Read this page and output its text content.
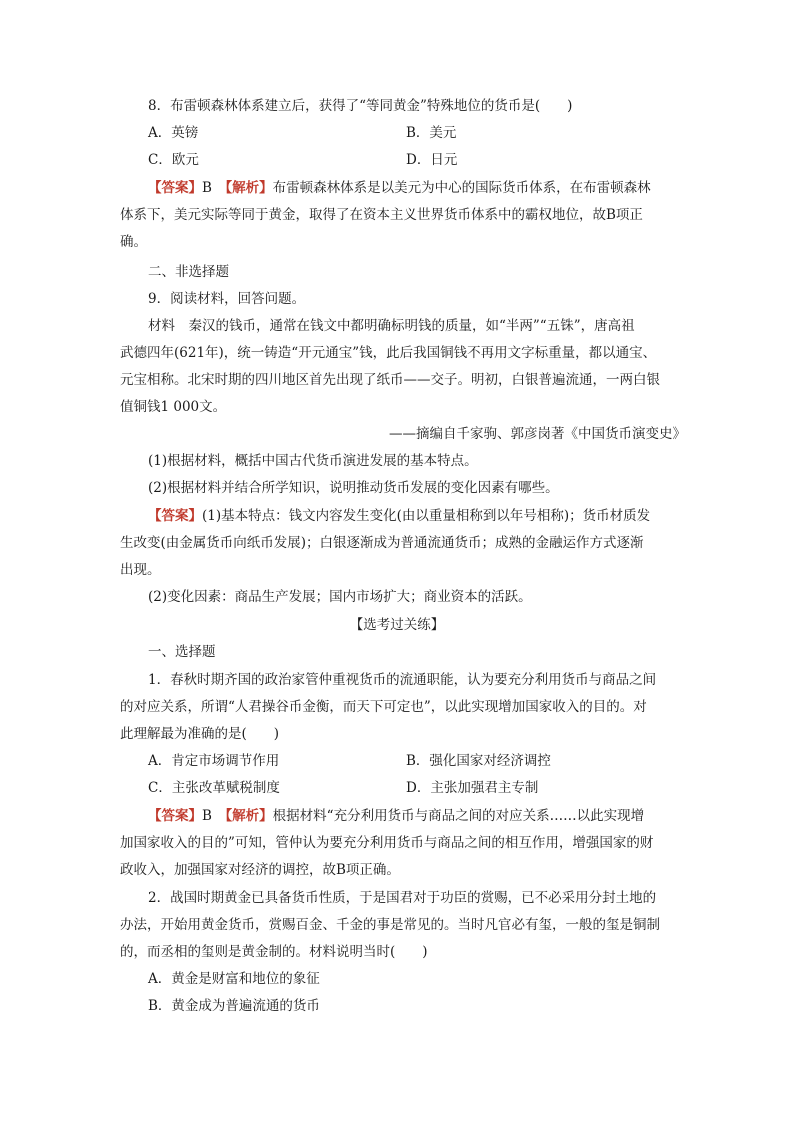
8．布雷顿森林体系建立后，获得了“等同黄金”特殊地位的货币是(　　)
A．英镑	B．美元
C．欧元	D．日元
【答案】B　【解析】布雷顿森林体系是以美元为中心的国际货币体系，在布雷顿森林
体系下，美元实际等同于黄金，取得了在资本主义世界货币体系中的霸权地位，故B项正
确。
二、非选择题
9．阅读材料，回答问题。
材料　秦汉的钱币，通常在钱文中都明确标明钱的质量，如“半两”“五铢”，唐高祖
武德四年(621年)，统一铸造“开元通宝”钱，此后我国铜钱不再用文字标重量，都以通宝、
元宝相称。北宋时期的四川地区首先出现了纸币——交子。明初，白银普遍流通，一两白银
值铜钱1 000文。
——摘编自千家驹、郭彦岗著《中国货币演变史》
(1)根据材料，概括中国古代货币演进发展的基本特点。
(2)根据材料并结合所学知识，说明推动货币发展的变化因素有哪些。
【答案】(1)基本特点：钱文内容发生变化(由以重量相称到以年号相称)；货币材质发
生改变(由金属货币向纸币发展)；白银逐渐成为普通流通货币；成熟的金融运作方式逐渐
出现。
(2)变化因素：商品生产发展；国内市场扩大；商业资本的活跃。
【选考过关练】
一、选择题
1．春秋时期齐国的政治家管仲重视货币的流通职能，认为要充分利用货币与商品之间
的对应关系，所谓“人君操谷币金衡，而天下可定也”，以此实现增加国家收入的目的。对
此理解最为准确的是(　　)
A．肯定市场调节作用	B．强化国家对经济调控
C．主张改革赋税制度	D．主张加强君主专制
【答案】B　【解析】根据材料“充分利用货币与商品之间的对应关系……以此实现增
加国家收入的目的”可知，管仲认为要充分利用货币与商品之间的相互作用，增强国家的财
政收入，加强国家对经济的调控，故B项正确。
2．战国时期黄金已具备货币性质，于是国君对于功臣的赏赐，已不必采用分封土地的
办法，开始用黄金货币，赏赐百金、千金的事是常见的。当时凡官必有玺，一般的玺是铜制
的，而丞相的玺则是黄金制的。材料说明当时(　　)
A．黄金是财富和地位的象征
B．黄金成为普遍流通的货币
